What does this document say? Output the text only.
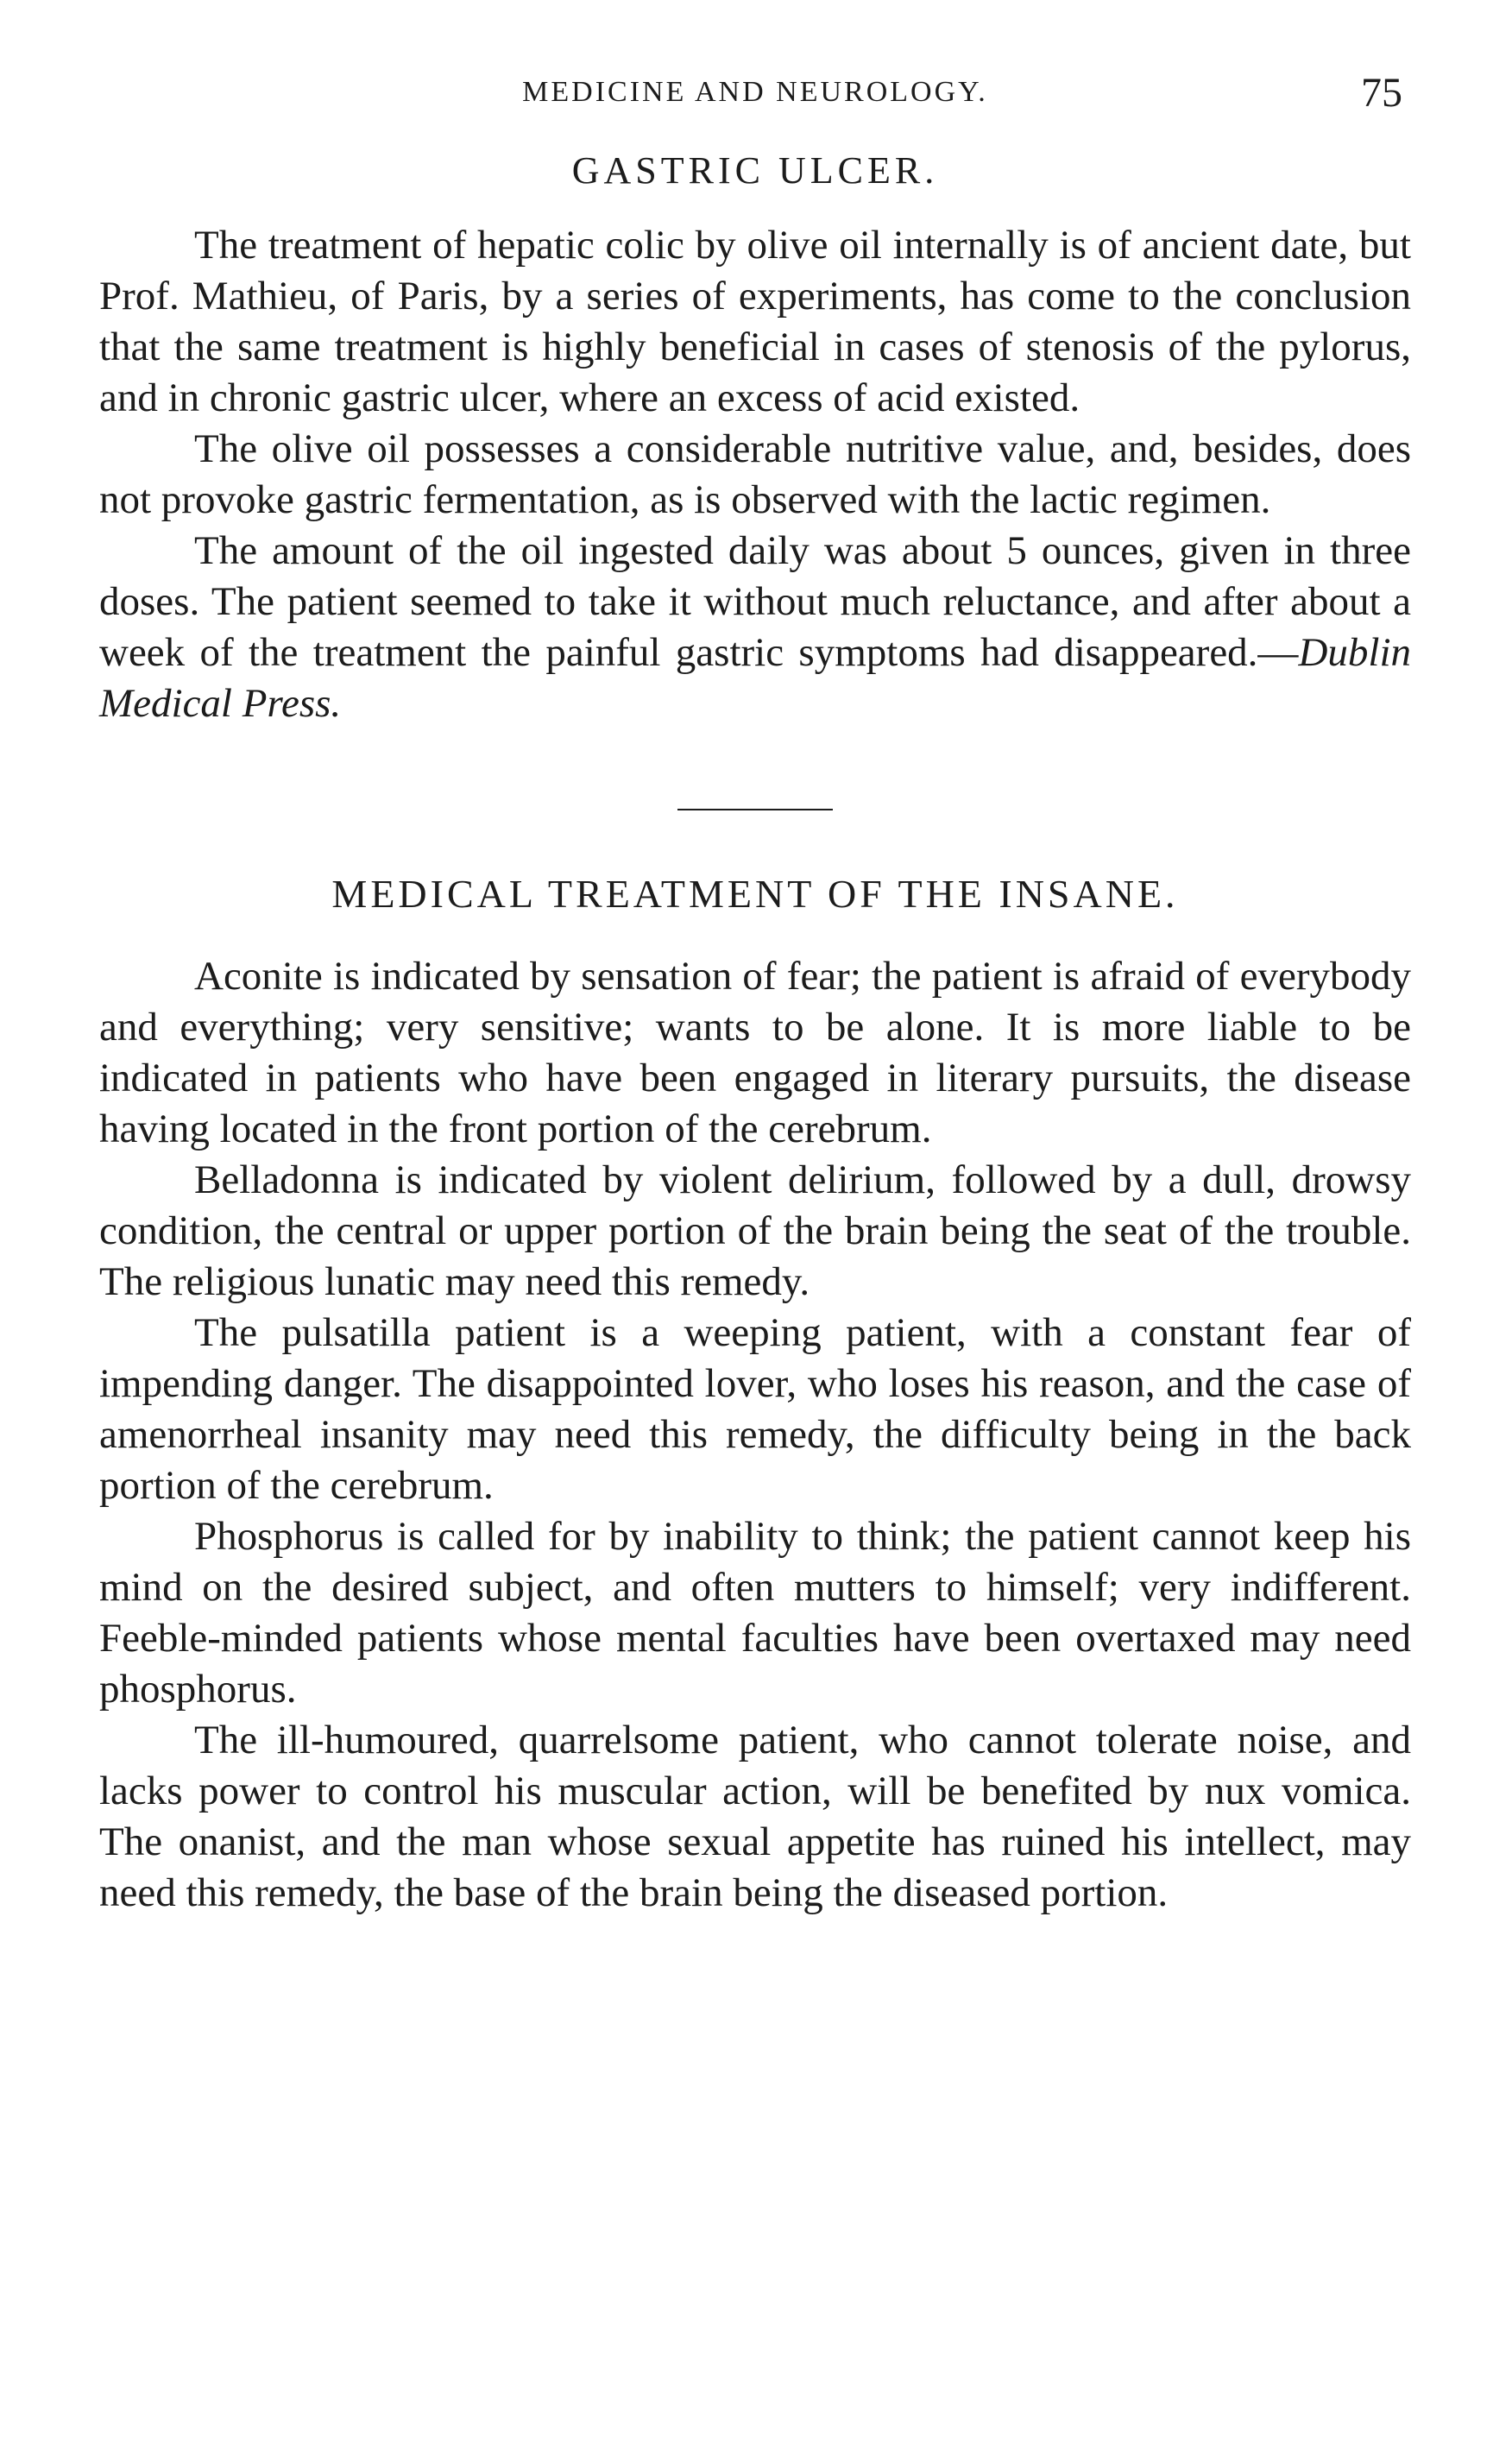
MEDICINE AND NEUROLOGY.	75
GASTRIC ULCER.

The treatment of hepatic colic by olive oil internally is of ancient date, but Prof. Mathieu, of Paris, by a series of experiments, has come to the conclusion that the same treatment is highly beneficial in cases of stenosis of the pylorus, and in chronic gastric ulcer, where an excess of acid existed.

The olive oil possesses a considerable nutritive value, and, besides, does not provoke gastric fermentation, as is observed with the lactic regimen.

The amount of the oil ingested daily was about 5 ounces, given in three doses. The patient seemed to take it without much reluctance, and after about a week of the treatment the painful gastric symptoms had disappeared.—Dublin Medical Press.

MEDICAL TREATMENT OF THE INSANE.

Aconite is indicated by sensation of fear; the patient is afraid of everybody and everything; very sensitive; wants to be alone. It is more liable to be indicated in patients who have been engaged in literary pursuits, the disease having located in the front portion of the cerebrum.

Belladonna is indicated by violent delirium, followed by a dull, drowsy condition, the central or upper portion of the brain being the seat of the trouble. The religious lunatic may need this remedy.

The pulsatilla patient is a weeping patient, with a constant fear of impending danger. The disappointed lover, who loses his reason, and the case of amenorrheal insanity may need this remedy, the difficulty being in the back portion of the cerebrum.

Phosphorus is called for by inability to think; the patient cannot keep his mind on the desired subject, and often mutters to himself; very indifferent. Feeble-minded patients whose mental faculties have been overtaxed may need phosphorus.

The ill-humoured, quarrelsome patient, who cannot tolerate noise, and lacks power to control his muscular action, will be benefited by nux vomica. The onanist, and the man whose sexual appetite has ruined his intellect, may need this remedy, the base of the brain being the diseased portion.
